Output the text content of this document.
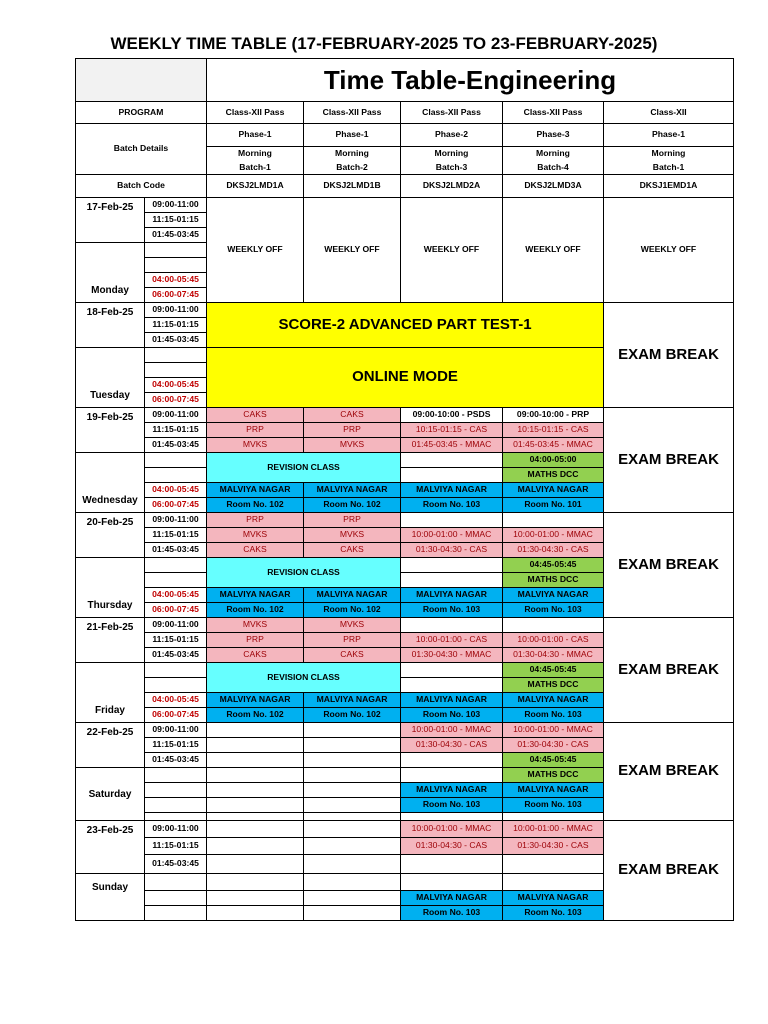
WEEKLY TIME TABLE (17-FEBRUARY-2025 TO 23-FEBRUARY-2025)
		Time Table-Engineering				
PROGRAM		Class-XII Pass	Class-XII Pass	Class-XII Pass	Class-XII Pass	Class-XII
Batch Details		Phase-1	Phase-1	Phase-2	Phase-3	Phase-1
		Morning	Morning	Morning	Morning	Morning
		Batch-1	Batch-2	Batch-3	Batch-4	Batch-1
Batch Code		DKSJ2LMD1A	DKSJ2LMD1B	DKSJ2LMD2A	DKSJ2LMD3A	DKSJ1EMD1A
17-Feb-25	09:00-11:00	WEEKLY OFF	WEEKLY OFF	WEEKLY OFF	WEEKLY OFF	WEEKLY OFF
	11:15-01:15					
	01:45-03:45					
Monday						

	04:00-05:45					
	06:00-07:45					
18-Feb-25	09:00-11:00	SCORE-2 ADVANCED PART TEST-1				EXAM BREAK
	11:15-01:15					
	01:45-03:45					
Tuesday		ONLINE MODE				

	04:00-05:45					
	06:00-07:45					
19-Feb-25	09:00-11:00	CAKS	CAKS	09:00-10:00 - PSDS	09:00-10:00 - PRP	EXAM BREAK
	11:15-01:15	PRP	PRP	10:15-01:15 - CAS	10:15-01:15 - CAS	
	01:45-03:45	MVKS	MVKS	01:45-03:45 - MMAC	01:45-03:45 - MMAC	
Wednesday		REVISION CLASS			04:00-05:00	
					MATHS DCC	
	04:00-05:45	MALVIYA NAGAR	MALVIYA NAGAR	MALVIYA NAGAR	MALVIYA NAGAR	
	06:00-07:45	Room No. 102	Room No. 102	Room No. 103	Room No. 101	
20-Feb-25	09:00-11:00	PRP	PRP			EXAM BREAK
	11:15-01:15	MVKS	MVKS	10:00-01:00 - MMAC	10:00-01:00 - MMAC	
	01:45-03:45	CAKS	CAKS	01:30-04:30 - CAS	01:30-04:30 - CAS	
Thursday		REVISION CLASS			04:45-05:45	
					MATHS DCC	
	04:00-05:45	MALVIYA NAGAR	MALVIYA NAGAR	MALVIYA NAGAR	MALVIYA NAGAR	
	06:00-07:45	Room No. 102	Room No. 102	Room No. 103	Room No. 103	
21-Feb-25	09:00-11:00	MVKS	MVKS			EXAM BREAK
	11:15-01:15	PRP	PRP	10:00-01:00 - CAS	10:00-01:00 - CAS	
	01:45-03:45	CAKS	CAKS	01:30-04:30 - MMAC	01:30-04:30 - MMAC	
Friday		REVISION CLASS			04:45-05:45	
					MATHS DCC	
	04:00-05:45	MALVIYA NAGAR	MALVIYA NAGAR	MALVIYA NAGAR	MALVIYA NAGAR	
	06:00-07:45	Room No. 102	Room No. 102	Room No. 103	Room No. 103	
22-Feb-25	09:00-11:00			10:00-01:00 - MMAC	10:00-01:00 - MMAC	EXAM BREAK
	11:15-01:15			01:30-04:30 - CAS	01:30-04:30 - CAS	
	01:45-03:45				04:45-05:45	
Saturday					MATHS DCC	
				MALVIYA NAGAR	MALVIYA NAGAR	
				Room No. 103	Room No. 103	

23-Feb-25	09:00-11:00			10:00-01:00 - MMAC	10:00-01:00 - MMAC	EXAM BREAK
	11:15-01:15			01:30-04:30 - CAS	01:30-04:30 - CAS	
	01:45-03:45					
Sunday						
				MALVIYA NAGAR	MALVIYA NAGAR	
				Room No. 103	Room No. 103	
